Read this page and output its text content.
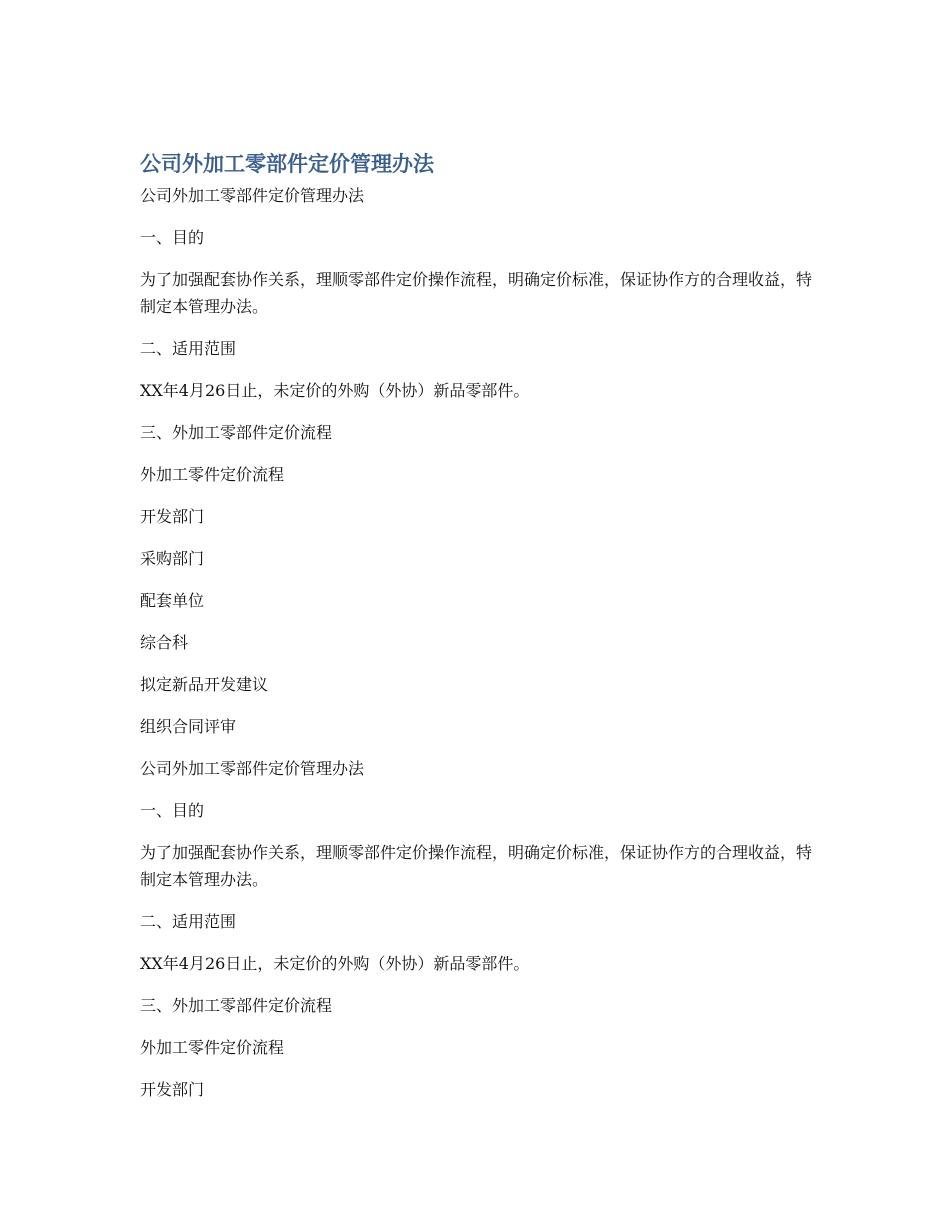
公司外加工零部件定价管理办法

公司外加工零部件定价管理办法

一、目的

为了加强配套协作关系，理顺零部件定价操作流程，明确定价标准，保证协作方的合理收益，特制定本管理办法。

二、适用范围

XX年4月26日止，未定价的外购（外协）新品零部件。

三、外加工零部件定价流程

外加工零件定价流程

开发部门

采购部门

配套单位

综合科

拟定新品开发建议

组织合同评审

公司外加工零部件定价管理办法

一、目的

为了加强配套协作关系，理顺零部件定价操作流程，明确定价标准，保证协作方的合理收益，特制定本管理办法。

二、适用范围

XX年4月26日止，未定价的外购（外协）新品零部件。

三、外加工零部件定价流程

外加工零件定价流程

开发部门
